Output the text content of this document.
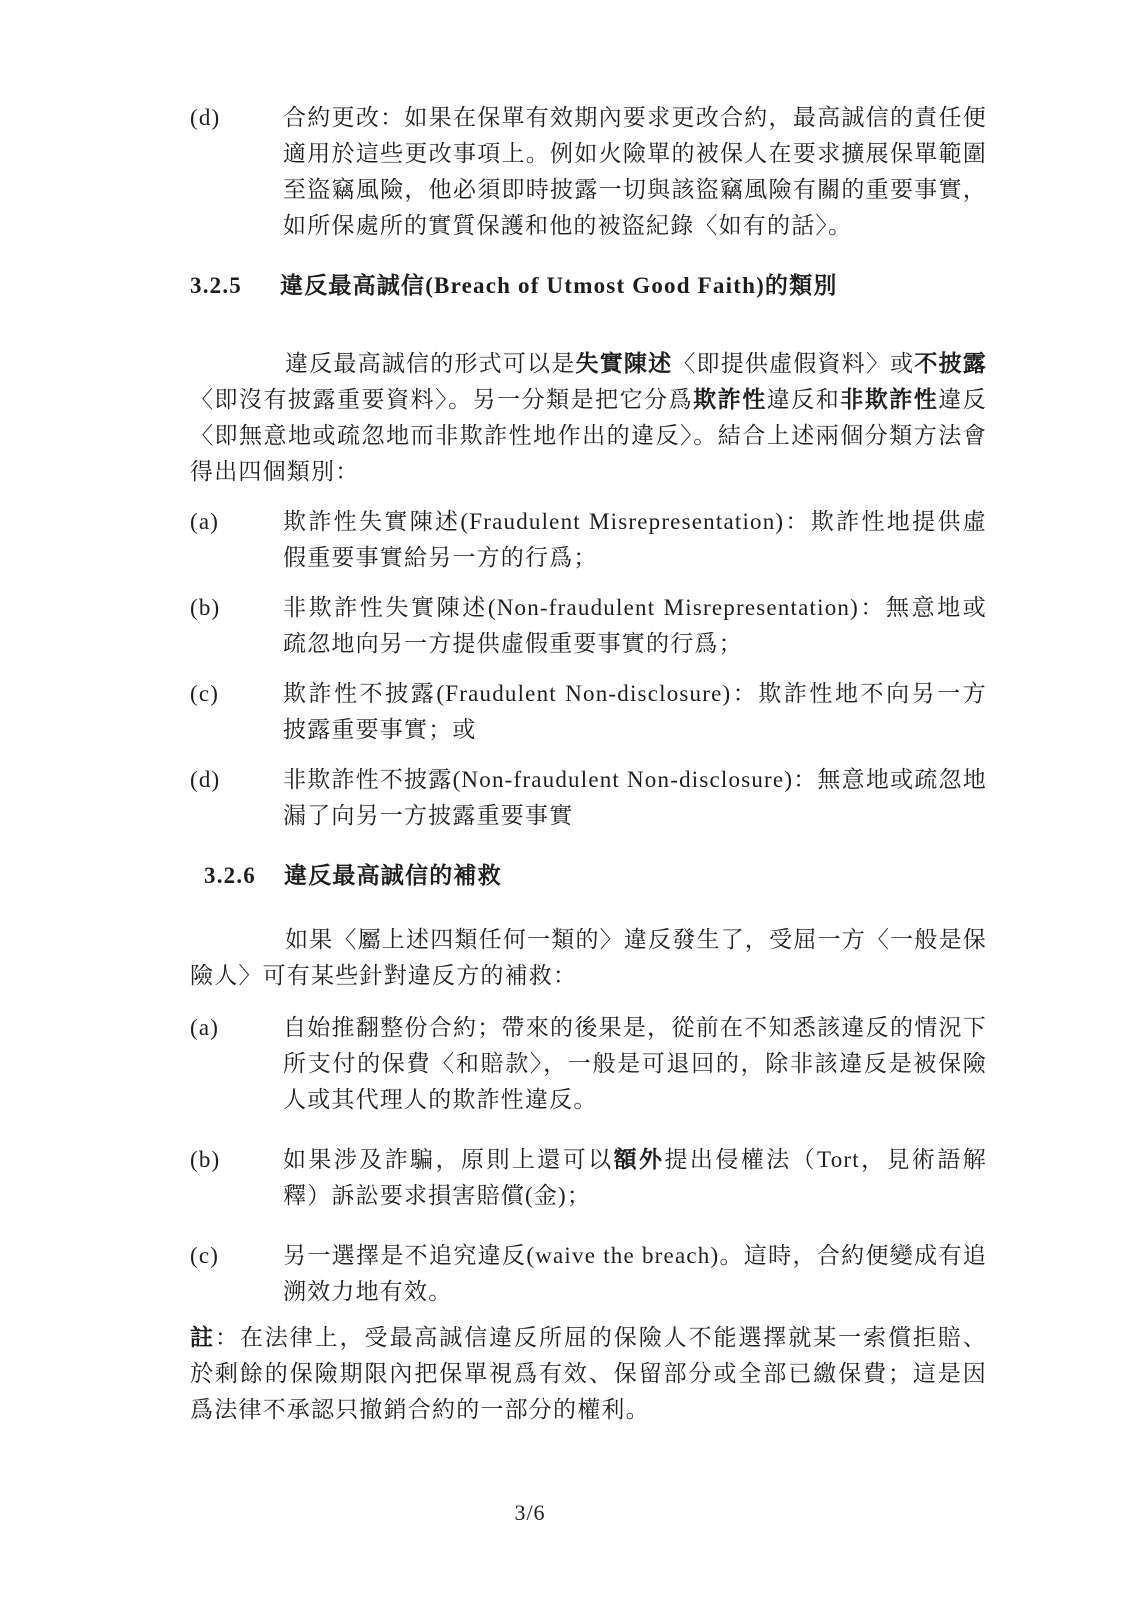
(d)	合約更改：如果在保單有效期內要求更改合約，最高誠信的責任便適用於這些更改事項上。例如火險單的被保人在要求擴展保單範圍至盜竊風險，他必須即時披露一切與該盜竊風險有關的重要事實，如所保處所的實質保護和他的被盜紀錄〈如有的話〉。
3.2.5	違反最高誠信(Breach of Utmost Good Faith)的類別

違反最高誠信的形式可以是失實陳述〈即提供虛假資料〉或不披露〈即沒有披露重要資料〉。另一分類是把它分爲欺詐性違反和非欺詐性違反〈即無意地或疏忽地而非欺詐性地作出的違反〉。結合上述兩個分類方法會得出四個類別：

(a)	欺詐性失實陳述(Fraudulent Misrepresentation)：欺詐性地提供虛假重要事實給另一方的行爲；
(b)	非欺詐性失實陳述(Non-fraudulent Misrepresentation)：無意地或疏忽地向另一方提供虛假重要事實的行爲；
(c)	欺詐性不披露(Fraudulent Non-disclosure)：欺詐性地不向另一方披露重要事實；或
(d)	非欺詐性不披露(Non-fraudulent Non-disclosure)：無意地或疏忽地漏了向另一方披露重要事實
3.2.6	違反最高誠信的補救

如果〈屬上述四類任何一類的〉違反發生了，受屈一方〈一般是保險人〉可有某些針對違反方的補救：

(a)	自始推翻整份合約；帶來的後果是，從前在不知悉該違反的情況下所支付的保費〈和賠款〉，一般是可退回的，除非該違反是被保險人或其代理人的欺詐性違反。
(b)	如果涉及詐騙，原則上還可以額外提出侵權法（Tort，見術語解釋）訴訟要求損害賠償(金)；
(c)	另一選擇是不追究違反(waive the breach)。這時，合約便變成有追溯效力地有效。

註：在法律上，受最高誠信違反所屈的保險人不能選擇就某一索償拒賠、於剩餘的保險期限內把保單視爲有效、保留部分或全部已繳保費；這是因爲法律不承認只撤銷合約的一部分的權利。

3/6
